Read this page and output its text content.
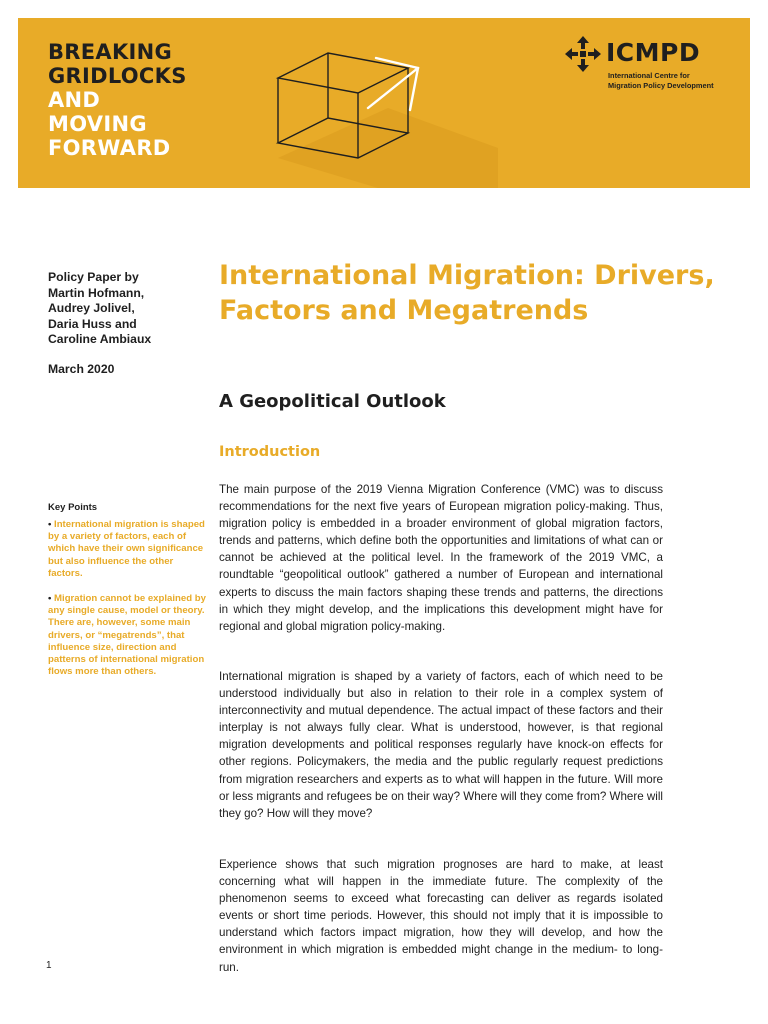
BREAKING
GRIDLOCKS
AND
MOVING
FORWARD
ICMPD
International Centre for
Migration Policy Development
Policy Paper by
Martin Hofmann,
Audrey Jolivel,
Daria Huss and
Caroline Ambiaux
March 2020
Key Points
• International migration is shaped by a variety of factors, each of which have their own significance but also influence the other factors.
• Migration cannot be explained by any single cause, model or theory. There are, however, some main drivers, or “megatrends”, that influence size, direction and patterns of international migration flows more than others.
International Migration: Drivers, Factors and Megatrends
A Geopolitical Outlook
Introduction
The main purpose of the 2019 Vienna Migration Conference (VMC) was to discuss recommendations for the next five years of European migration policy-making. Thus, migration policy is embedded in a broader environment of global migration factors, trends and patterns, which define both the opportunities and limitations of what can or cannot be achieved at the political level. In the framework of the 2019 VMC, a roundtable “geopolitical outlook” gathered a number of European and international experts to discuss the main factors shaping these trends and patterns, the directions in which they might develop, and the implications this development might have for regional and global migration policy-making.
International migration is shaped by a variety of factors, each of which need to be understood individually but also in relation to their role in a complex system of interconnectivity and mutual dependence. The actual impact of these factors and their interplay is not always fully clear. What is understood, however, is that regional migration developments and political responses regularly have knock-on effects for other regions. Policymakers, the media and the public regularly request predictions from migration researchers and experts as to what will happen in the future. Will more or less migrants and refugees be on their way? Where will they come from? Where will they go? How will they move?
Experience shows that such migration prognoses are hard to make, at least concerning what will happen in the immediate future. The complexity of the phenomenon seems to exceed what forecasting can deliver as regards isolated events or short time periods. However, this should not imply that it is impossible to understand which factors impact migration, how they will develop, and how the environment in which migration is embedded might change in the medium- to long-run.
1
